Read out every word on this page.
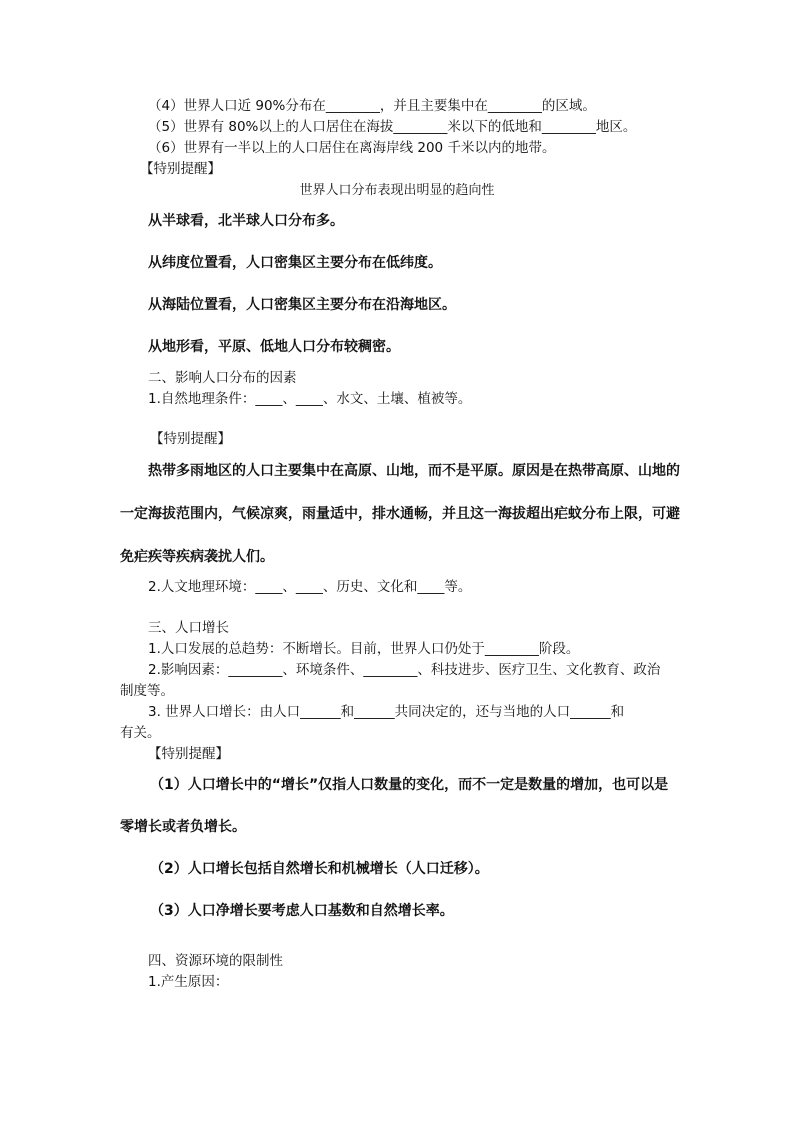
（4）世界人口近 90%分布在________，并且主要集中在________的区域。
（5）世界有 80%以上的人口居住在海拔________米以下的低地和________地区。
（6）世界有一半以上的人口居住在离海岸线 200 千米以内的地带。
【特别提醒】
世界人口分布表现出明显的趋向性
从半球看，北半球人口分布多。
从纬度位置看，人口密集区主要分布在低纬度。
从海陆位置看，人口密集区主要分布在沿海地区。
从地形看，平原、低地人口分布较稠密。
二、影响人口分布的因素
1.自然地理条件：____、____、水文、土壤、植被等。
【特别提醒】
热带多雨地区的人口主要集中在高原、山地，而不是平原。原因是在热带高原、山地的
一定海拔范围内，气候凉爽，雨量适中，排水通畅，并且这一海拔超出疟蚊分布上限，可避
免疟疾等疾病袭扰人们。
2.人文地理环境：____、____、历史、文化和____等。
三、人口增长
1.人口发展的总趋势：不断增长。目前，世界人口仍处于________阶段。
2.影响因素：________、环境条件、________、科技进步、医疗卫生、文化教育、政治
制度等。
3. 世界人口增长：由人口______和______共同决定的，还与当地的人口______和
有关。
【特别提醒】
（1）人口增长中的“增长”仅指人口数量的变化，而不一定是数量的增加，也可以是
零增长或者负增长。
（2）人口增长包括自然增长和机械增长（人口迁移）。
（3）人口净增长要考虑人口基数和自然增长率。
四、资源环境的限制性
1.产生原因：
